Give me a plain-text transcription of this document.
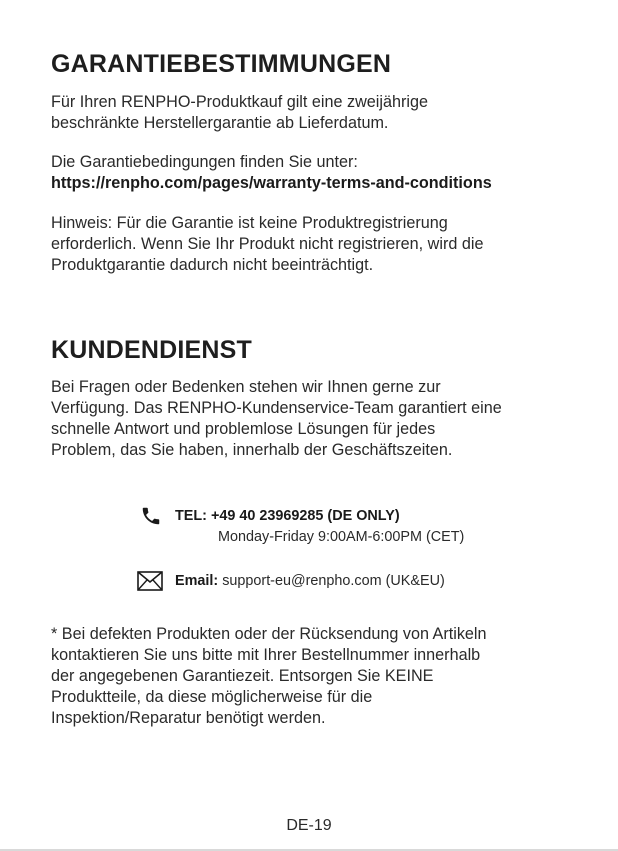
GARANTIEBESTIMMUNGEN

Für Ihren RENPHO-Produktkauf gilt eine zweijährige
beschränkte Herstellergarantie ab Lieferdatum.

Die Garantiebedingungen finden Sie unter:
https://renpho.com/pages/warranty-terms-and-conditions

Hinweis: Für die Garantie ist keine Produktregistrierung
erforderlich. Wenn Sie Ihr Produkt nicht registrieren, wird die
Produktgarantie dadurch nicht beeinträchtigt.

KUNDENDIENST

Bei Fragen oder Bedenken stehen wir Ihnen gerne zur
Verfügung. Das RENPHO-Kundenservice-Team garantiert eine
schnelle Antwort und problemlose Lösungen für jedes
Problem, das Sie haben, innerhalb der Geschäftszeiten.

TEL: +49 40 23969285 (DE ONLY)
Monday-Friday 9:00AM-6:00PM (CET)
Email: support-eu@renpho.com (UK&EU)

* Bei defekten Produkten oder der Rücksendung von Artikeln
kontaktieren Sie uns bitte mit Ihrer Bestellnummer innerhalb
der angegebenen Garantiezeit. Entsorgen Sie KEINE
Produktteile, da diese möglicherweise für die
Inspektion/Reparatur benötigt werden.

DE-19
